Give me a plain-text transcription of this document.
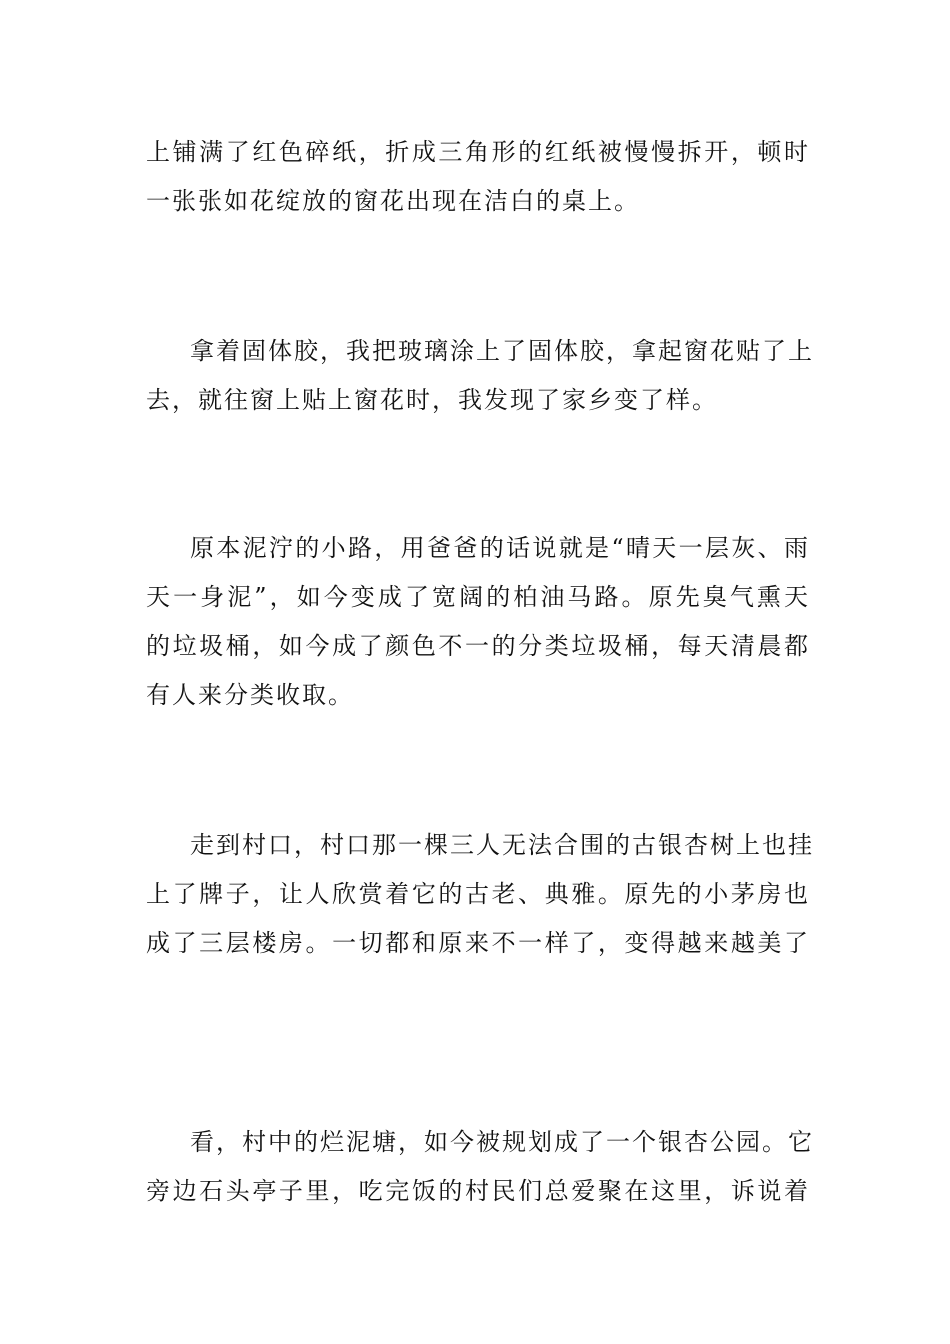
上铺满了红色碎纸，折成三角形的红纸被慢慢拆开，顿时
一张张如花绽放的窗花出现在洁白的桌上。

拿着固体胶，我把玻璃涂上了固体胶，拿起窗花贴了上
去，就往窗上贴上窗花时，我发现了家乡变了样。

原本泥泞的小路，用爸爸的话说就是“晴天一层灰、雨
天一身泥”，如今变成了宽阔的柏油马路。原先臭气熏天
的垃圾桶，如今成了颜色不一的分类垃圾桶，每天清晨都
有人来分类收取。

走到村口，村口那一棵三人无法合围的古银杏树上也挂
上了牌子，让人欣赏着它的古老、典雅。原先的小茅房也
成了三层楼房。一切都和原来不一样了，变得越来越美了

看，村中的烂泥塘，如今被规划成了一个银杏公园。它
旁边石头亭子里，吃完饭的村民们总爱聚在这里，诉说着
